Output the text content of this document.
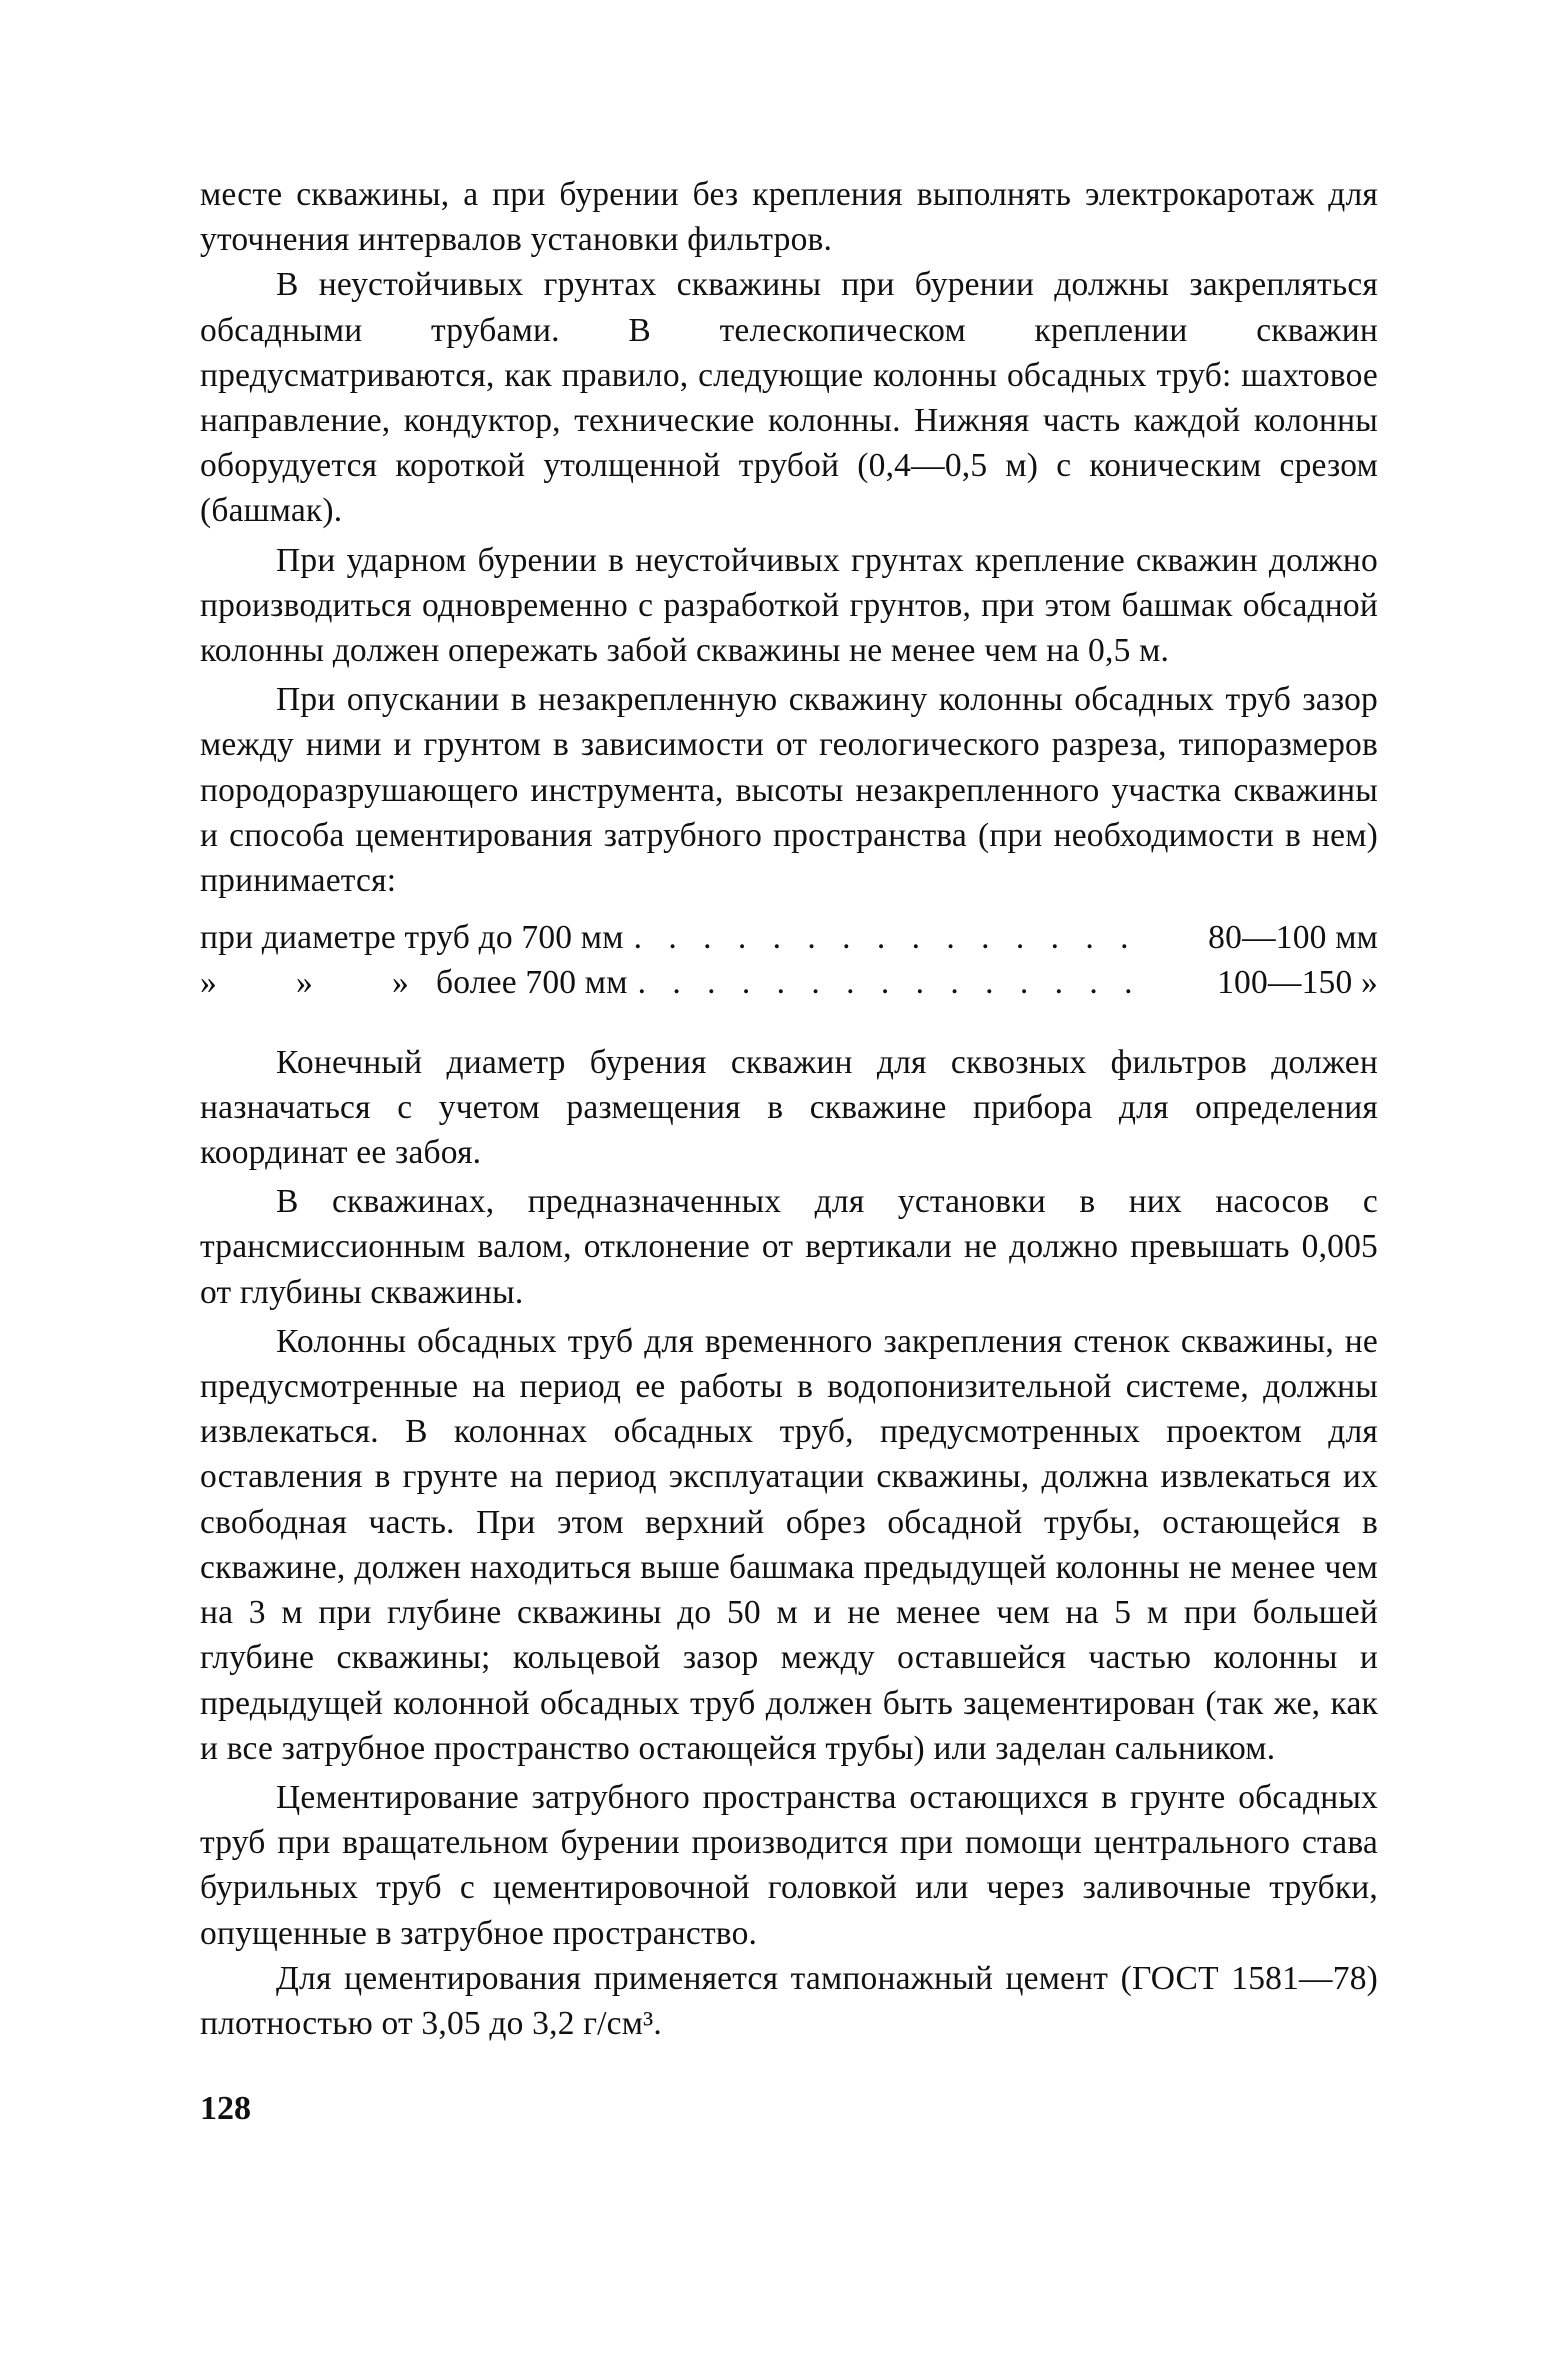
месте скважины, а при бурении без крепления выполнять электрокаротаж для уточнения интервалов установки фильтров.

В неустойчивых грунтах скважины при бурении должны закрепляться обсадными трубами. В телескопическом креплении скважин предусматриваются, как правило, следующие колонны обсадных труб: шахтовое направление, кондуктор, технические колонны. Нижняя часть каждой колонны оборудуется короткой утолщенной трубой (0,4—0,5 м) с коническим срезом (башмак).

При ударном бурении в неустойчивых грунтах крепление скважин должно производиться одновременно с разработкой грунтов, при этом башмак обсадной колонны должен опережать забой скважины не менее чем на 0,5 м.

При опускании в незакрепленную скважину колонны обсадных труб зазор между ними и грунтом в зависимости от геологического разреза, типоразмеров породоразрушающего инструмента, высоты незакрепленного участка скважины и способа цементирования затрубного пространства (при необходимости в нем) принимается:

при диаметре труб до 700 мм . . . . . . . . . . . . . . .	80—100 мм
» » » более 700 мм . . . . . . . . . . . . . . .	100—150 »

Конечный диаметр бурения скважин для сквозных фильтров должен назначаться с учетом размещения в скважине прибора для определения координат ее забоя.

В скважинах, предназначенных для установки в них насосов с трансмиссионным валом, отклонение от вертикали не должно превышать 0,005 от глубины скважины.

Колонны обсадных труб для временного закрепления стенок скважины, не предусмотренные на период ее работы в водопонизительной системе, должны извлекаться. В колоннах обсадных труб, предусмотренных проектом для оставления в грунте на период эксплуатации скважины, должна извлекаться их свободная часть. При этом верхний обрез обсадной трубы, остающейся в скважине, должен находиться выше башмака предыдущей колонны не менее чем на 3 м при глубине скважины до 50 м и не менее чем на 5 м при большей глубине скважины; кольцевой зазор между оставшейся частью колонны и предыдущей колонной обсадных труб должен быть зацементирован (так же, как и все затрубное пространство остающейся трубы) или заделан сальником.

Цементирование затрубного пространства остающихся в грунте обсадных труб при вращательном бурении производится при помощи центрального става бурильных труб с цементировочной головкой или через заливочные трубки, опущенные в затрубное пространство.

Для цементирования применяется тампонажный цемент (ГОСТ 1581—78) плотностью от 3,05 до 3,2 г/см³.

128
